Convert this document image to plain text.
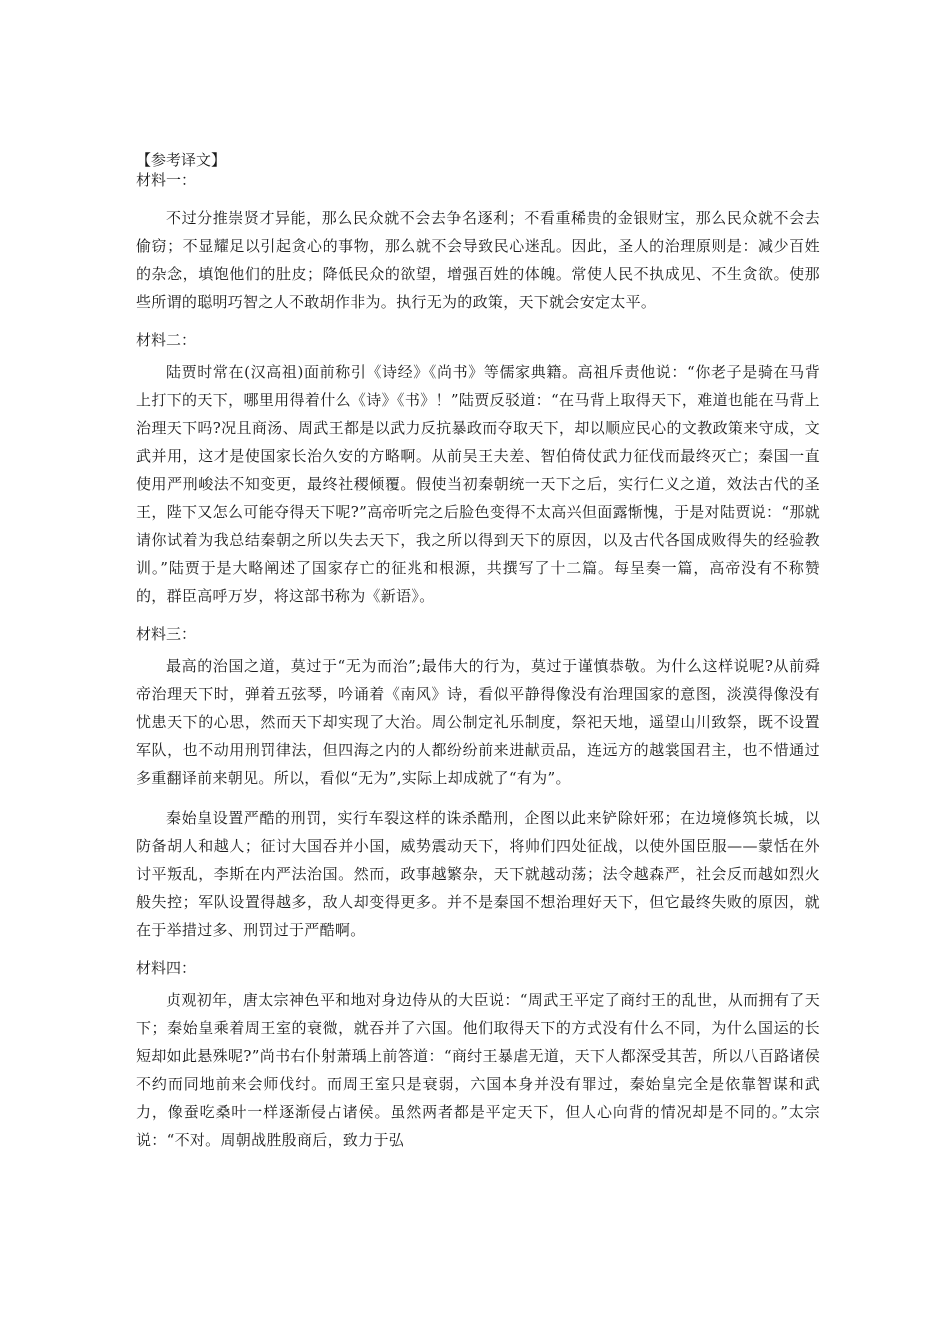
【参考译文】

材料一：

不过分推崇贤才异能，那么民众就不会去争名逐利；不看重稀贵的金银财宝，那么民众就不会去偷窃；不显耀足以引起贪心的事物，那么就不会导致民心迷乱。因此，圣人的治理原则是：减少百姓的杂念，填饱他们的肚皮；降低民众的欲望，增强百姓的体魄。常使人民不执成见、不生贪欲。使那些所谓的聪明巧智之人不敢胡作非为。执行无为的政策，天下就会安定太平。

材料二：

陆贾时常在(汉高祖)面前称引《诗经》《尚书》等儒家典籍。高祖斥责他说：“你老子是骑在马背上打下的天下，哪里用得着什么《诗》《书》！”陆贾反驳道：“在马背上取得天下，难道也能在马背上治理天下吗?况且商汤、周武王都是以武力反抗暴政而夺取天下，却以顺应民心的文教政策来守成，文武并用，这才是使国家长治久安的方略啊。从前吴王夫差、智伯倚仗武力征伐而最终灭亡；秦国一直使用严刑峻法不知变更，最终社稷倾覆。假使当初秦朝统一天下之后，实行仁义之道，效法古代的圣王，陛下又怎么可能夺得天下呢?”高帝听完之后脸色变得不太高兴但面露惭愧，于是对陆贾说：“那就请你试着为我总结秦朝之所以失去天下，我之所以得到天下的原因，以及古代各国成败得失的经验教训。”陆贾于是大略阐述了国家存亡的征兆和根源，共撰写了十二篇。每呈奏一篇，高帝没有不称赞的，群臣高呼万岁，将这部书称为《新语》。

材料三：

最高的治国之道，莫过于“无为而治”;最伟大的行为，莫过于谨慎恭敬。为什么这样说呢?从前舜帝治理天下时，弹着五弦琴，吟诵着《南风》诗，看似平静得像没有治理国家的意图，淡漠得像没有忧患天下的心思，然而天下却实现了大治。周公制定礼乐制度，祭祀天地，遥望山川致祭，既不设置军队，也不动用刑罚律法，但四海之内的人都纷纷前来进献贡品，连远方的越裳国君主，也不惜通过多重翻译前来朝见。所以，看似“无为”,实际上却成就了“有为”。

秦始皇设置严酷的刑罚，实行车裂这样的诛杀酷刑，企图以此来铲除奸邪；在边境修筑长城，以防备胡人和越人；征讨大国吞并小国，威势震动天下，将帅们四处征战，以使外国臣服——蒙恬在外讨平叛乱，李斯在内严法治国。然而，政事越繁杂，天下就越动荡；法令越森严，社会反而越如烈火般失控；军队设置得越多，敌人却变得更多。并不是秦国不想治理好天下，但它最终失败的原因，就在于举措过多、刑罚过于严酷啊。

材料四：

贞观初年，唐太宗神色平和地对身边侍从的大臣说：“周武王平定了商纣王的乱世，从而拥有了天下；秦始皇乘着周王室的衰微，就吞并了六国。他们取得天下的方式没有什么不同，为什么国运的长短却如此悬殊呢?”尚书右仆射萧瑀上前答道：“商纣王暴虐无道，天下人都深受其苦，所以八百路诸侯不约而同地前来会师伐纣。而周王室只是衰弱，六国本身并没有罪过，秦始皇完全是依靠智谋和武力，像蚕吃桑叶一样逐渐侵占诸侯。虽然两者都是平定天下，但人心向背的情况却是不同的。”太宗说：“不对。周朝战胜殷商后，致力于弘
